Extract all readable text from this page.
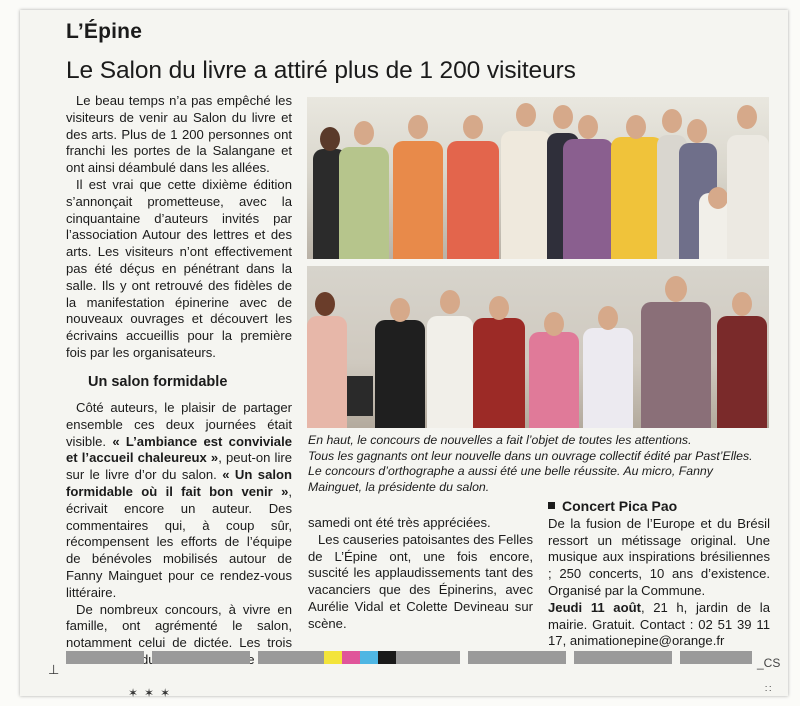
L’Épine
Le Salon du livre a attiré plus de 1 200 visiteurs

Le beau temps n’a pas empêché les visiteurs de venir au Salon du livre et des arts. Plus de 1 200 personnes ont franchi les portes de la Salangane et ont ainsi déambulé dans les allées.

Il est vrai que cette dixième édition s’annonçait prometteuse, avec la cinquantaine d’auteurs invités par l’association Autour des lettres et des arts. Les visiteurs n’ont effectivement pas été déçus en pénétrant dans la salle. Ils y ont retrouvé des fidèles de la manifestation épinerine avec de nouveaux ouvrages et découvert les écrivains accueillis pour la première fois par les organisateurs.

Un salon formidable

Côté auteurs, le plaisir de partager ensemble ces deux journées était visible. « L’ambiance est conviviale et l’accueil chaleureux », peut-on lire sur le livre d’or du salon. « Un salon formidable où il fait bon venir », écrivait encore un auteur. Des commentaires qui, à coup sûr, récompensent les efforts de l’équipe de bénévoles mobilisés autour de Fanny Mainguet pour ce rendez-vous littéraire.

De nombreux concours, à vivre en famille, ont agrémenté le salon, notamment celui de dictée. Les trois du

En haut, le concours de nouvelles a fait l’objet de toutes les attentions.
Tous les gagnants ont leur nouvelle dans un ouvrage collectif édité par Past’Elles.
Le concours d’orthographe a aussi été une belle réussite. Au micro, Fanny
Mainguet, la présidente du salon.

samedi ont été très appréciées.

Les causeries patoisantes des Felles de L’Épine ont, une fois encore, suscité les applaudissements tant des vacanciers que des Épinerins, avec Aurélie Vidal et Colette Devineau sur scène.

Concert Pica Pao

De la fusion de l’Europe et du Brésil ressort un métissage original. Une musique aux inspirations brésiliennes ; 250 concerts, 10 ans d’existence. Organisé par la Commune.

Jeudi 11 août, 21 h, jardin de la mairie. Gratuit. Contact : 02 51 39 11 17, animationepine@orange.fr

_CS
⊥
✶✶✶	∷
